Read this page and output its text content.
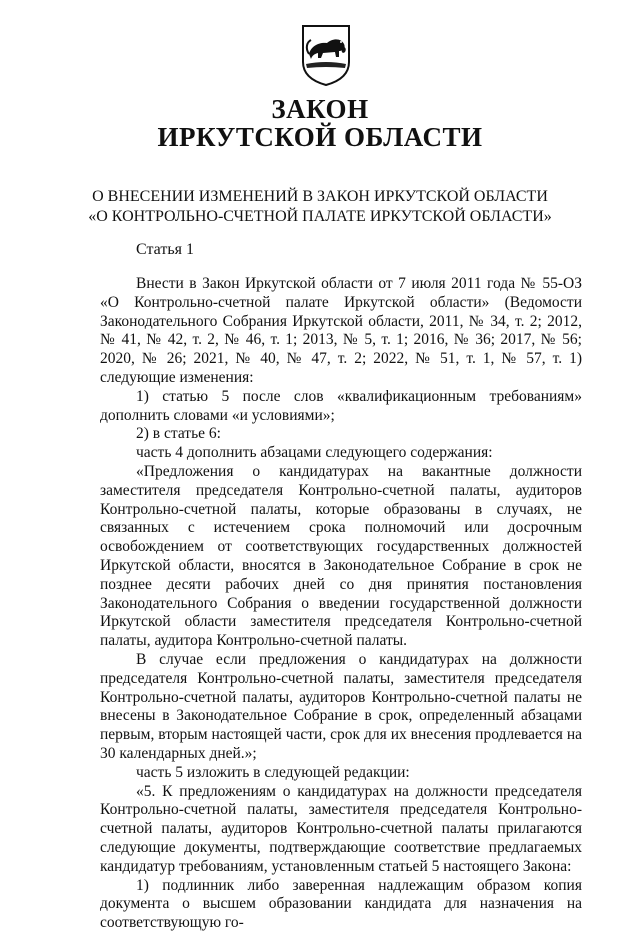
ЗАКОН
ИРКУТСКОЙ ОБЛАСТИ

О ВНЕСЕНИИ ИЗМЕНЕНИЙ В ЗАКОН ИРКУТСКОЙ ОБЛАСТИ

«О КОНТРОЛЬНО-СЧЕТНОЙ ПАЛАТЕ ИРКУТСКОЙ ОБЛАСТИ»

Статья 1

Внести в Закон Иркутской области от 7 июля 2011 года № 55-ОЗ «О Контрольно-счетной палате Иркутской области» (Ведомости Законодательного Собрания Иркутской области, 2011, № 34, т. 2; 2012, № 41, № 42, т. 2, № 46, т. 1; 2013, № 5, т. 1; 2016, № 36; 2017, № 56; 2020, № 26; 2021, № 40, № 47, т. 2; 2022, № 51, т. 1, № 57, т. 1) следующие изменения:

1) статью 5 после слов «квалификационным требованиям» дополнить словами «и условиями»;

2) в статье 6:

часть 4 дополнить абзацами следующего содержания:

«Предложения о кандидатурах на вакантные должности заместителя председателя Контрольно-счетной палаты, аудиторов Контрольно-счетной палаты, которые образованы в случаях, не связанных с истечением срока полномочий или досрочным освобождением от соответствующих государственных должностей Иркутской области, вносятся в Законодательное Собрание в срок не позднее десяти рабочих дней со дня принятия постановления Законодательного Собрания о введении государственной должности Иркутской области заместителя председателя Контрольно-счетной палаты, аудитора Контрольно-счетной палаты.

В случае если предложения о кандидатурах на должности председателя Контрольно-счетной палаты, заместителя председателя Контрольно-счетной палаты, аудиторов Контрольно-счетной палаты не внесены в Законодательное Собрание в срок, определенный абзацами первым, вторым настоящей части, срок для их внесения продлевается на 30 календарных дней.»;

часть 5 изложить в следующей редакции:

«5. К предложениям о кандидатурах на должности председателя Контрольно-счетной палаты, заместителя председателя Контрольно-счетной палаты, аудиторов Контрольно-счетной палаты прилагаются следующие документы, подтверждающие соответствие предлагаемых кандидатур требованиям, установленным статьей 5 настоящего Закона:

1) подлинник либо заверенная надлежащим образом копия документа о высшем образовании кандидата для назначения на соответствующую го-
